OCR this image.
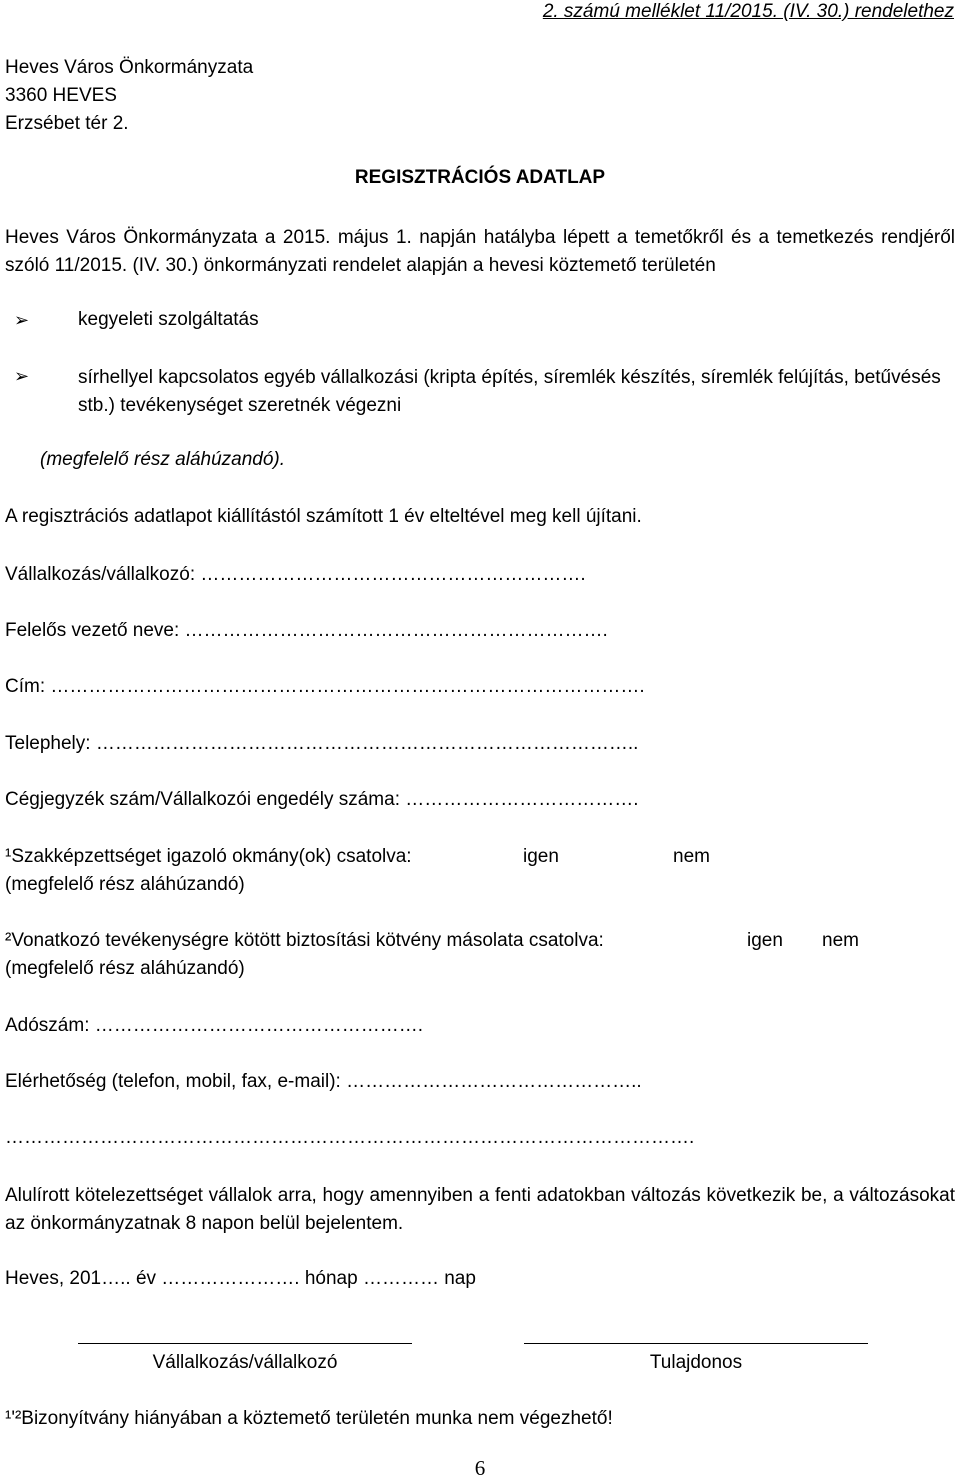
2. számú melléklet 11/2015. (IV. 30.) rendelethez
Heves Város Önkormányzata
3360 HEVES
Erzsébet tér 2.
REGISZTRÁCIÓS ADATLAP
Heves Város Önkormányzata a 2015. május 1. napján hatályba lépett a temetőkről és a temetkezés rendjéről szóló 11/2015. (IV. 30.) önkormányzati rendelet alapján a hevesi köztemető területén
➢	kegyeleti szolgáltatás
➢	sírhellyel kapcsolatos egyéb vállalkozási (kripta építés, síremlék készítés, síremlék felújítás, betűvésés stb.) tevékenységet szeretnék végezni
(megfelelő rész aláhúzandó).
A regisztrációs adatlapot kiállítástól számított 1 év elteltével meg kell újítani.
Vállalkozás/vállalkozó: …………………………………………………….
Felelős vezető neve: ………………………………………………………….
Cím: ………………………………………………………………………………….
Telephely: …………………………………………………………………………..
Cégjegyzék szám/Vállalkozói engedély száma: ……………………………….
¹Szakképzettséget igazoló okmány(ok) csatolva:	igen	nem
(megfelelő rész aláhúzandó)
²Vonatkozó tevékenységre kötött biztosítási kötvény másolata csatolva:	igen nem
(megfelelő rész aláhúzandó)
Adószám: …………………………………………….
Elérhetőség (telefon, mobil, fax, e-mail): ………………………………………..
……………………………………………………………………………………………….
Alulírott kötelezettséget vállalok arra, hogy amennyiben a fenti adatokban változás következik be, a változásokat az önkormányzatnak 8 napon belül bejelentem.
Heves, 201….. év …………………. hónap ………… nap
Vállalkozás/vállalkozó	Tulajdonos
¹'²Bizonyítvány hiányában a köztemető területén munka nem végezhető!
6
